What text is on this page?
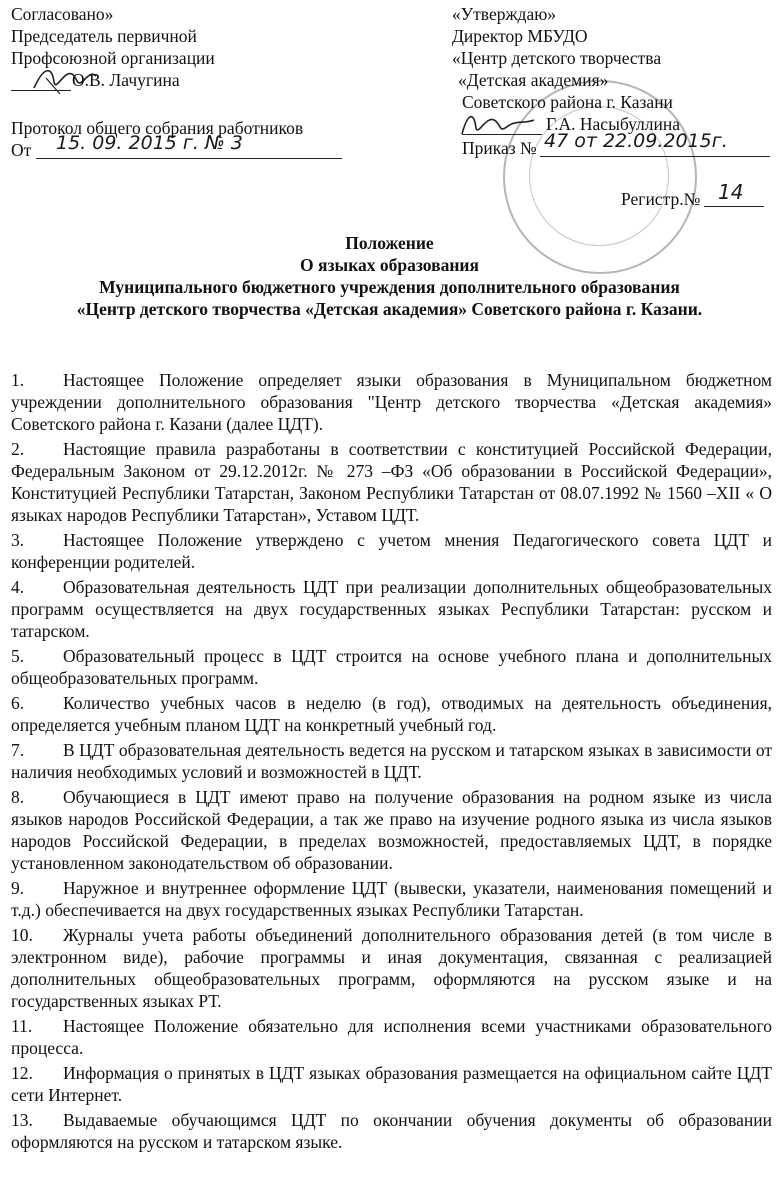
Согласовано»
Председатель первичной
Профсоюзной организации
О.В. Лачугина
Протокол общего собрания работников
От 15. 09. 2015 г. № 3
«Утверждаю»
Директор МБУДО
«Центр детского творчества
«Детская академия»
Советского района г. Казани
Г.А. Насыбуллина
Приказ № 47 от 22.09.2015г.
Регистр.№ 14
Положение
О языках образования
Муниципального бюджетного учреждения дополнительного образования
«Центр детского творчества «Детская академия» Советского района г. Казани.
1. Настоящее Положение определяет языки образования в Муниципальном бюджетном учреждении дополнительного образования "Центр детского творчества «Детская академия» Советского района г. Казани (далее ЦДТ).
2. Настоящие правила разработаны в соответствии с конституцией Российской Федерации, Федеральным Законом от 29.12.2012г. № 273 –ФЗ «Об образовании в Российской Федерации», Конституцией Республики Татарстан, Законом Республики Татарстан от 08.07.1992 № 1560 –XII « О языках народов Республики Татарстан», Уставом ЦДТ.
3. Настоящее Положение утверждено с учетом мнения Педагогического совета ЦДТ и конференции родителей.
4. Образовательная деятельность ЦДТ при реализации дополнительных общеобразовательных программ осуществляется на двух государственных языках Республики Татарстан: русском и татарском.
5. Образовательный процесс в ЦДТ строится на основе учебного плана и дополнительных общеобразовательных программ.
6. Количество учебных часов в неделю (в год), отводимых на деятельность объединения, определяется учебным планом ЦДТ на конкретный учебный год.
7. В ЦДТ образовательная деятельность ведется на русском и татарском языках в зависимости от наличия необходимых условий и возможностей в ЦДТ.
8. Обучающиеся в ЦДТ имеют право на получение образования на родном языке из числа языков народов Российской Федерации, а так же право на изучение родного языка из числа языков народов Российской Федерации, в пределах возможностей, предоставляемых ЦДТ, в порядке установленном законодательством об образовании.
9. Наружное и внутреннее оформление ЦДТ (вывески, указатели, наименования помещений и т.д.) обеспечивается на двух государственных языках Республики Татарстан.
10. Журналы учета работы объединений дополнительного образования детей (в том числе в электронном виде), рабочие программы и иная документация, связанная с реализацией дополнительных общеобразовательных программ, оформляются на русском языке и на государственных языках РТ.
11. Настоящее Положение обязательно для исполнения всеми участниками образовательного процесса.
12. Информация о принятых в ЦДТ языках образования размещается на официальном сайте ЦДТ сети Интернет.
13. Выдаваемые обучающимся ЦДТ по окончании обучения документы об образовании оформляются на русском и татарском языке.
